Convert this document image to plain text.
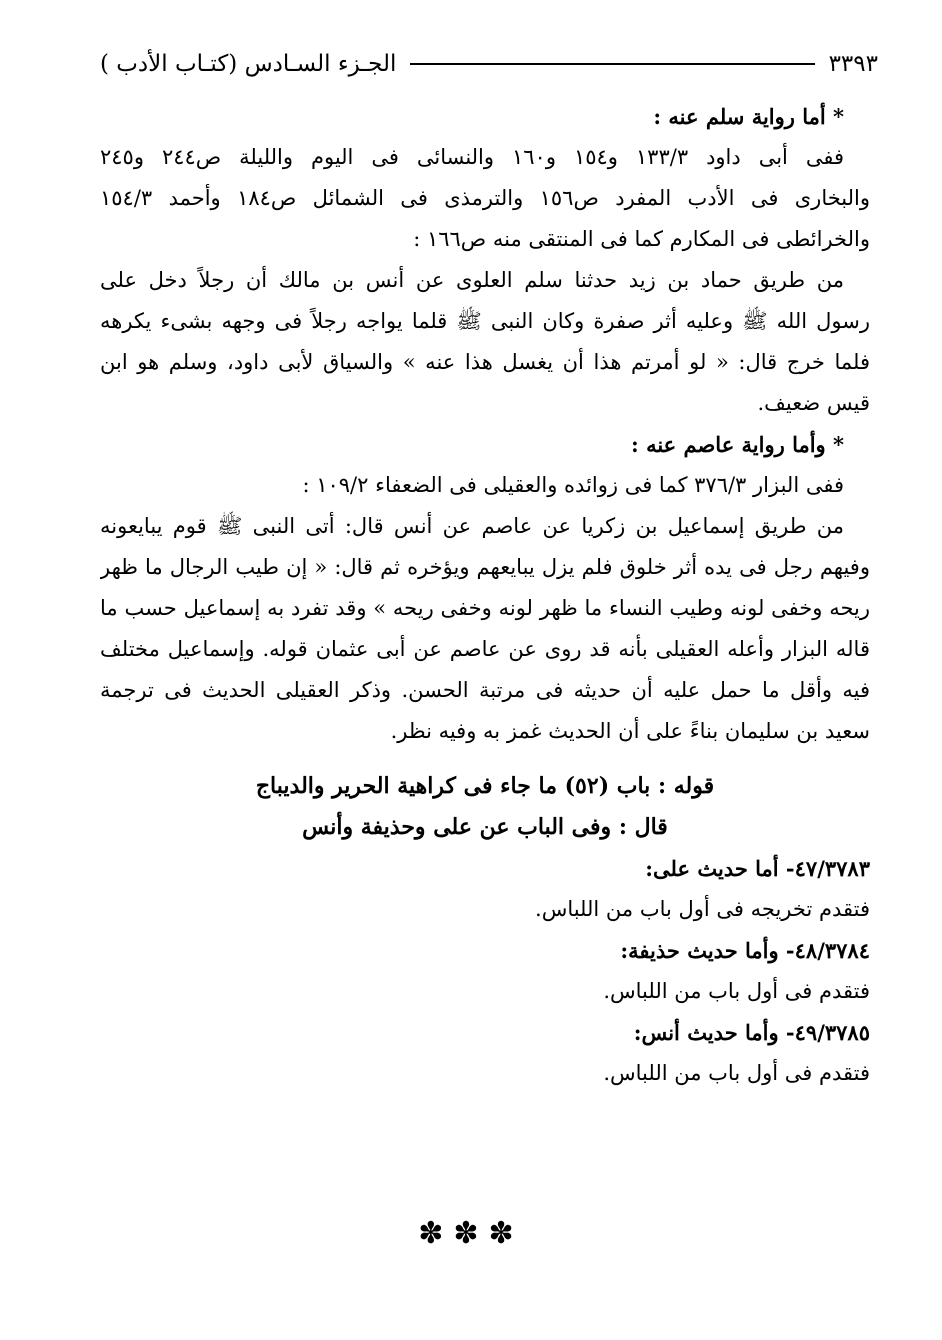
الجـزء السـادس (كتـاب الأدب )	٣٣٩٣
* أما رواية سلم عنه :
ففى أبى داود ١٣٣/٣ و١٥٤ و١٦٠ والنسائى فى اليوم والليلة ص٢٤٤ و٢٤٥
والبخارى فى الأدب المفرد ص١٥٦ والترمذى فى الشمائل ص١٨٤ وأحمد ١٥٤/٣
والخرائطى فى المكارم كما فى المنتقى منه ص١٦٦ :
من طريق حماد بن زيد حدثنا سلم العلوى عن أنس بن مالك أن رجلاً دخل على
رسول الله ﷺ وعليه أثر صفرة وكان النبى ﷺ قلما يواجه رجلاً فى وجهه بشىء يكرهه
فلما خرج قال: « لو أمرتم هذا أن يغسل هذا عنه » والسياق لأبى داود، وسلم هو ابن
قيس ضعيف.
* وأما رواية عاصم عنه :
ففى البزار ٣٧٦/٣ كما فى زوائده والعقيلى فى الضعفاء ١٠٩/٢ :
من طريق إسماعيل بن زكريا عن عاصم عن أنس قال: أتى النبى ﷺ قوم يبايعونه
وفيهم رجل فى يده أثر خلوق فلم يزل يبايعهم ويؤخره ثم قال: « إن طيب الرجال ما ظهر
ريحه وخفى لونه وطيب النساء ما ظهر لونه وخفى ريحه » وقد تفرد به إسماعيل حسب ما
قاله البزار وأعله العقيلى بأنه قد روى عن عاصم عن أبى عثمان قوله. وإسماعيل مختلف
فيه وأقل ما حمل عليه أن حديثه فى مرتبة الحسن. وذكر العقيلى الحديث فى ترجمة
سعيد بن سليمان بناءً على أن الحديث غمز به وفيه نظر.
قوله : باب (٥٢) ما جاء فى كراهية الحرير والديباج
قال : وفى الباب عن على وحذيفة وأنس
٤٧/٣٧٨٣- أما حديث على:
فتقدم تخريجه فى أول باب من اللباس.
٤٨/٣٧٨٤- وأما حديث حذيفة:
فتقدم فى أول باب من اللباس.
٤٩/٣٧٨٥- وأما حديث أنس:
فتقدم فى أول باب من اللباس.
✽✽✽
